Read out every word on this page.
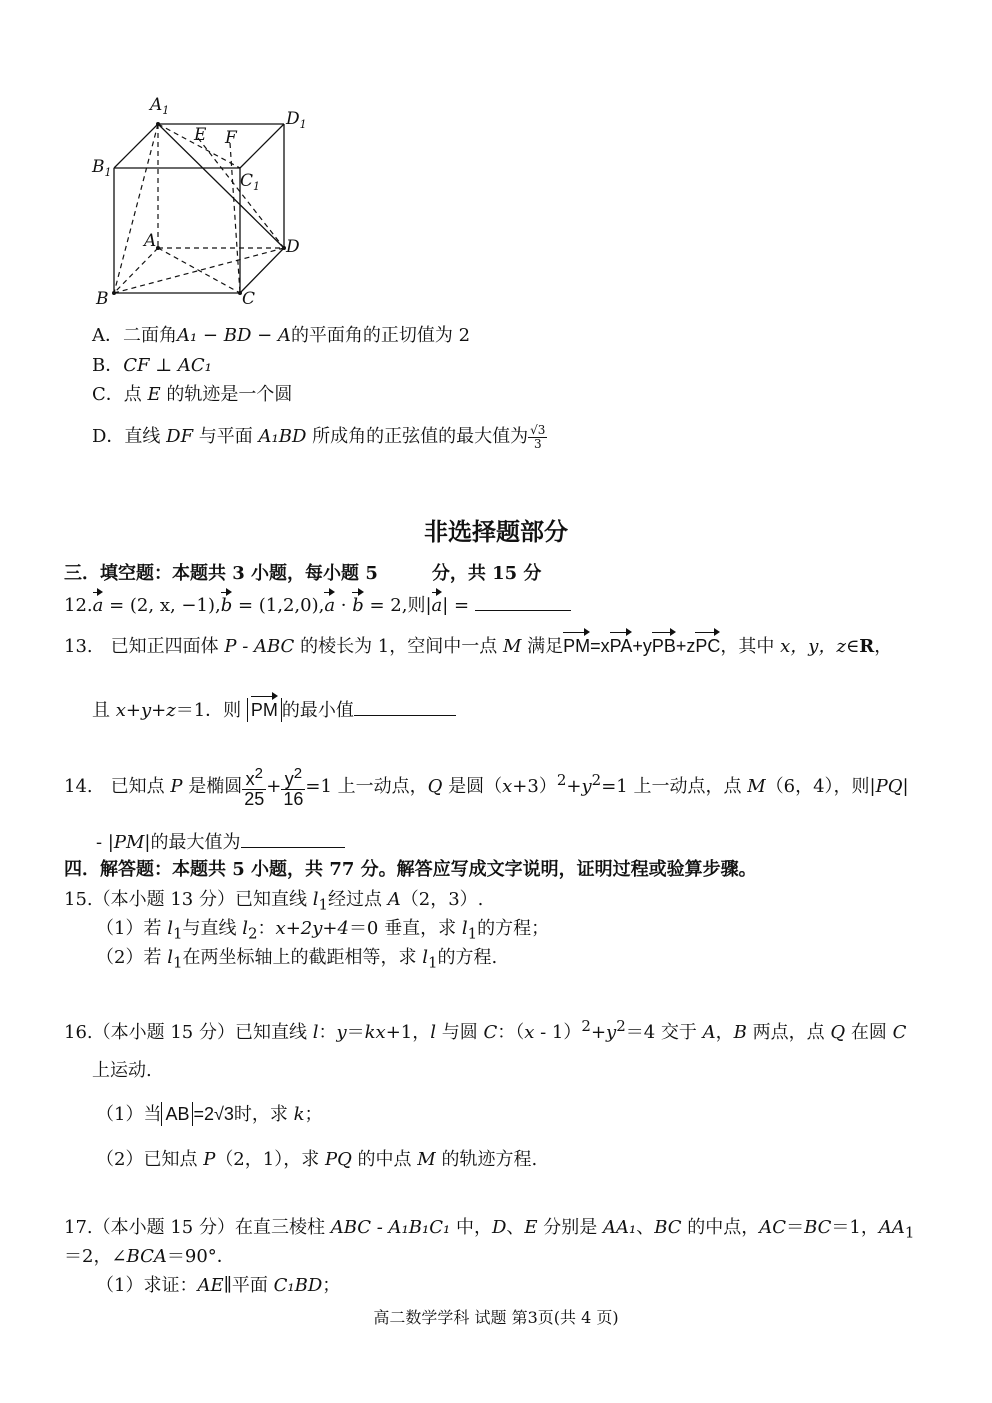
$A_1$	$D_1$
$B_1$	$C_1$
E F
A	D
B	C
A．二面角A₁ − BD − A的平面角的正切值为 2
B．CF ⊥ AC₁
C．点 E 的轨迹是一个圆
D．直线 DF 与平面 A₁BD 所成角的正弦值的最大值为 $\frac{√3}{3}$
非选择题部分
三．填空题：本题共 3 小题，每小题 5　　　分，共 15 分
12.a = (2, x, −1),b = (1,2,0),a · b = 2,则|a| =
13.　已知正四面体 P - ABC 的棱长为 1，空间中一点 M 满足PM=xPA+yPB+zPC，其中 x，y，z∈R，
且 x+y+z＝1．则 PM 的最小值
14.　已知点 P 是椭圆 $\frac{x^2}{25} + \frac{y^2}{16} =1$ 上一动点，Q 是圆$(x+3)^2+y^2=1$ 上一动点，点 M（6，4），则|PQ|
- |PM|的最大值为
四．解答题：本题共 5 小题，共 77 分。解答应写成文字说明，证明过程或验算步骤。
15.（本小题 13 分）已知直线 $l_1$经过点 A（2，3）.
（1）若 $l_1$与直线 $l_2$：x+2y+4＝0 垂直，求 $l_1$的方程；
（2）若 $l_1$在两坐标轴上的截距相等，求 $l_1$的方程.
16.（本小题 15 分）已知直线 l：y＝kx+1，l 与圆 C：$(x - 1)^2+y^2=4$ 交于 A，B 两点，点 Q 在圆 C
上运动.
（1）当 AB =2√3时，求 k；
（2）已知点 P（2，1），求 PQ 的中点 M 的轨迹方程.
17.（本小题 15 分）在直三棱柱 ABC - A₁B₁C₁ 中，D、E 分别是 AA₁、BC 的中点，AC＝BC＝1，$AA_1$
＝2，∠BCA＝90°．
（1）求证：AE∥平面 C₁BD；
高二数学学科 试题 第3页(共 4 页)
